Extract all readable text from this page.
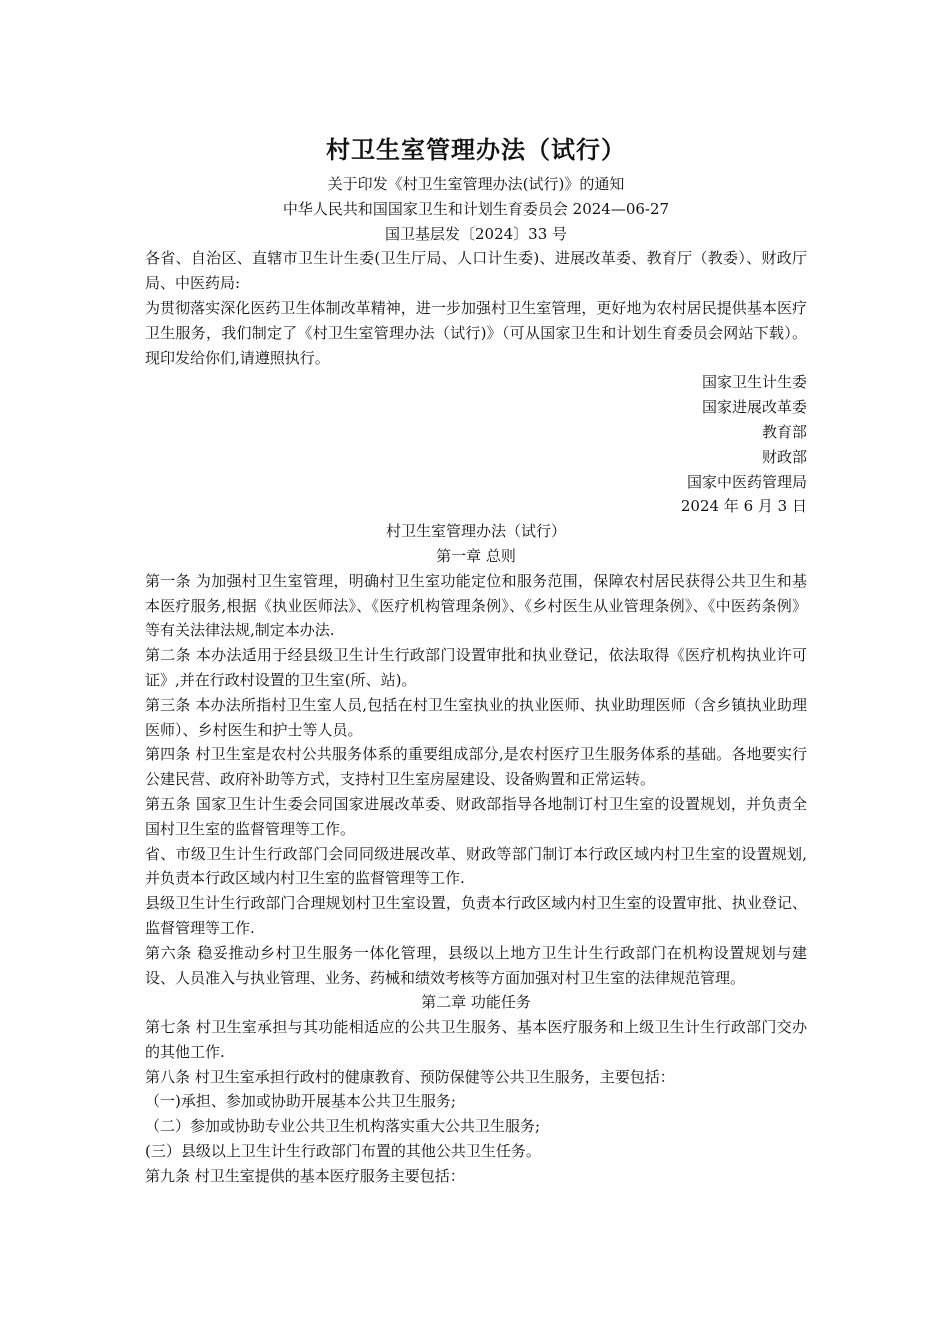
村卫生室管理办法（试行）

关于印发《村卫生室管理办法(试行)》的通知

中华人民共和国国家卫生和计划生育委员会 2024—06-27

国卫基层发〔2024〕33 号

各省、自治区、直辖市卫生计生委(卫生厅局、人口计生委)、进展改革委、教育厅（教委）、财政厅局、中医药局:

为贯彻落实深化医药卫生体制改革精神，进一步加强村卫生室管理，更好地为农村居民提供基本医疗卫生服务，我们制定了《村卫生室管理办法（试行)》（可从国家卫生和计划生育委员会网站下载）。现印发给你们,请遵照执行。

国家卫生计生委

国家进展改革委

教育部

财政部

国家中医药管理局

2024 年 6 月 3 日

村卫生室管理办法（试行）

第一章 总则

第一条 为加强村卫生室管理，明确村卫生室功能定位和服务范围，保障农村居民获得公共卫生和基本医疗服务,根据《执业医师法》、《医疗机构管理条例》、《乡村医生从业管理条例》、《中医药条例》等有关法律法规,制定本办法.

第二条 本办法适用于经县级卫生计生行政部门设置审批和执业登记，依法取得《医疗机构执业许可证》,并在行政村设置的卫生室(所、站)。

第三条 本办法所指村卫生室人员,包括在村卫生室执业的执业医师、执业助理医师（含乡镇执业助理医师）、乡村医生和护士等人员。

第四条 村卫生室是农村公共服务体系的重要组成部分,是农村医疗卫生服务体系的基础。各地要实行公建民营、政府补助等方式，支持村卫生室房屋建设、设备购置和正常运转。

第五条 国家卫生计生委会同国家进展改革委、财政部指导各地制订村卫生室的设置规划，并负责全国村卫生室的监督管理等工作。

省、市级卫生计生行政部门会同同级进展改革、财政等部门制订本行政区域内村卫生室的设置规划,并负责本行政区域内村卫生室的监督管理等工作.

县级卫生计生行政部门合理规划村卫生室设置，负责本行政区域内村卫生室的设置审批、执业登记、监督管理等工作.

第六条 稳妥推动乡村卫生服务一体化管理，县级以上地方卫生计生行政部门在机构设置规划与建设、人员准入与执业管理、业务、药械和绩效考核等方面加强对村卫生室的法律规范管理。

第二章 功能任务

第七条 村卫生室承担与其功能相适应的公共卫生服务、基本医疗服务和上级卫生计生行政部门交办的其他工作.

第八条 村卫生室承担行政村的健康教育、预防保健等公共卫生服务，主要包括：

（一)承担、参加或协助开展基本公共卫生服务;

（二）参加或协助专业公共卫生机构落实重大公共卫生服务;

(三）县级以上卫生计生行政部门布置的其他公共卫生任务。

第九条 村卫生室提供的基本医疗服务主要包括：
